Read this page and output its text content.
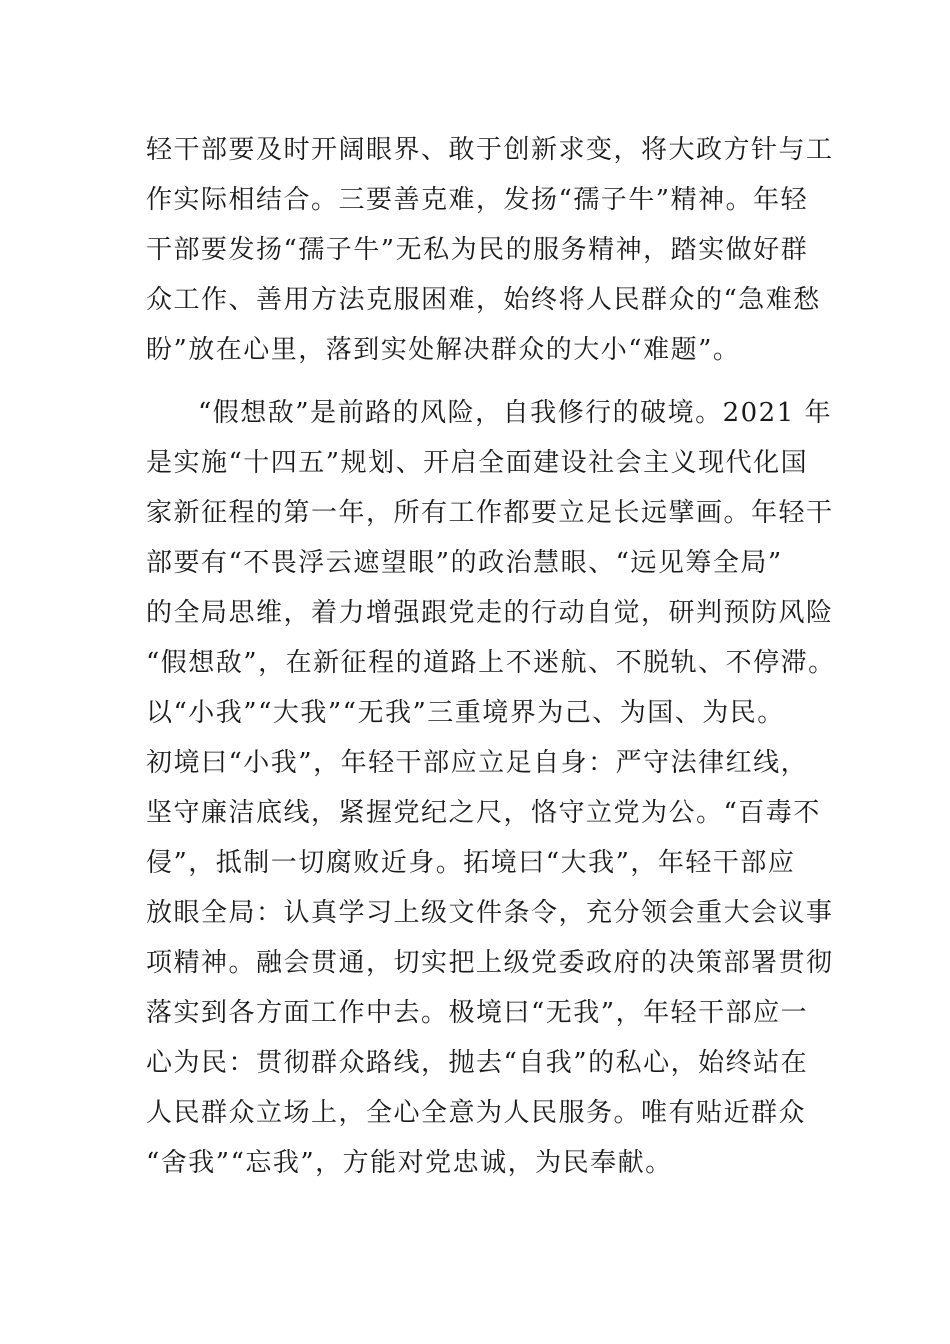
轻干部要及时开阔眼界、敢于创新求变，将大政方针与工
作实际相结合。三要善克难，发扬“孺子牛”精神。年轻
干部要发扬“孺子牛”无私为民的服务精神，踏实做好群
众工作、善用方法克服困难，始终将人民群众的“急难愁
盼”放在心里，落到实处解决群众的大小“难题”。
“假想敌”是前路的风险，自我修行的破境。2021 年
是实施“十四五”规划、开启全面建设社会主义现代化国
家新征程的第一年，所有工作都要立足长远擘画。年轻干
部要有“不畏浮云遮望眼”的政治慧眼、“远见筹全局”
的全局思维，着力增强跟党走的行动自觉，研判预防风险
“假想敌”，在新征程的道路上不迷航、不脱轨、不停滞。
以“小我”“大我”“无我”三重境界为己、为国、为民。
初境曰“小我”，年轻干部应立足自身：严守法律红线，
坚守廉洁底线，紧握党纪之尺，恪守立党为公。“百毒不
侵”，抵制一切腐败近身。拓境曰“大我”，年轻干部应
放眼全局：认真学习上级文件条令，充分领会重大会议事
项精神。融会贯通，切实把上级党委政府的决策部署贯彻
落实到各方面工作中去。极境曰“无我”，年轻干部应一
心为民：贯彻群众路线，抛去“自我”的私心，始终站在
人民群众立场上，全心全意为人民服务。唯有贴近群众
“舍我”“忘我”，方能对党忠诚，为民奉献。
